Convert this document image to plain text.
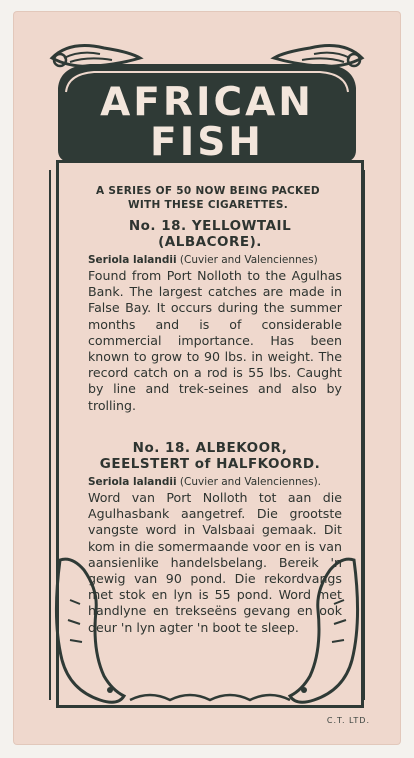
AFRICAN
FISH
A SERIES OF 50 NOW BEING PACKED WITH THESE CIGARETTES.
No. 18. YELLOWTAIL
(ALBACORE).
Seriola lalandii (Cuvier and Valenciennes)
Found from Port Nolloth to the Agulhas Bank. The largest catches are made in False Bay. It occurs during the summer months and is of considerable commercial importance. Has been known to grow to 90 lbs. in weight. The record catch on a rod is 55 lbs. Caught by line and trek-seines and also by trolling.
No. 18. ALBEKOOR,
GEELSTERT of HALFKOORD.
Seriola lalandii (Cuvier and Valenciennes).
Word van Port Nolloth tot aan die Agulhasbank aangetref. Die grootste vangste word in Valsbaai gemaak. Dit kom in die somermaande voor en is van aansienlike handelsbelang. Bereik 'n gewig van 90 pond. Die rekordvangs met stok en lyn is 55 pond. Word met handlyne en trekseëns gevang en ook deur 'n lyn agter 'n boot te sleep.
C.T. LTD.
